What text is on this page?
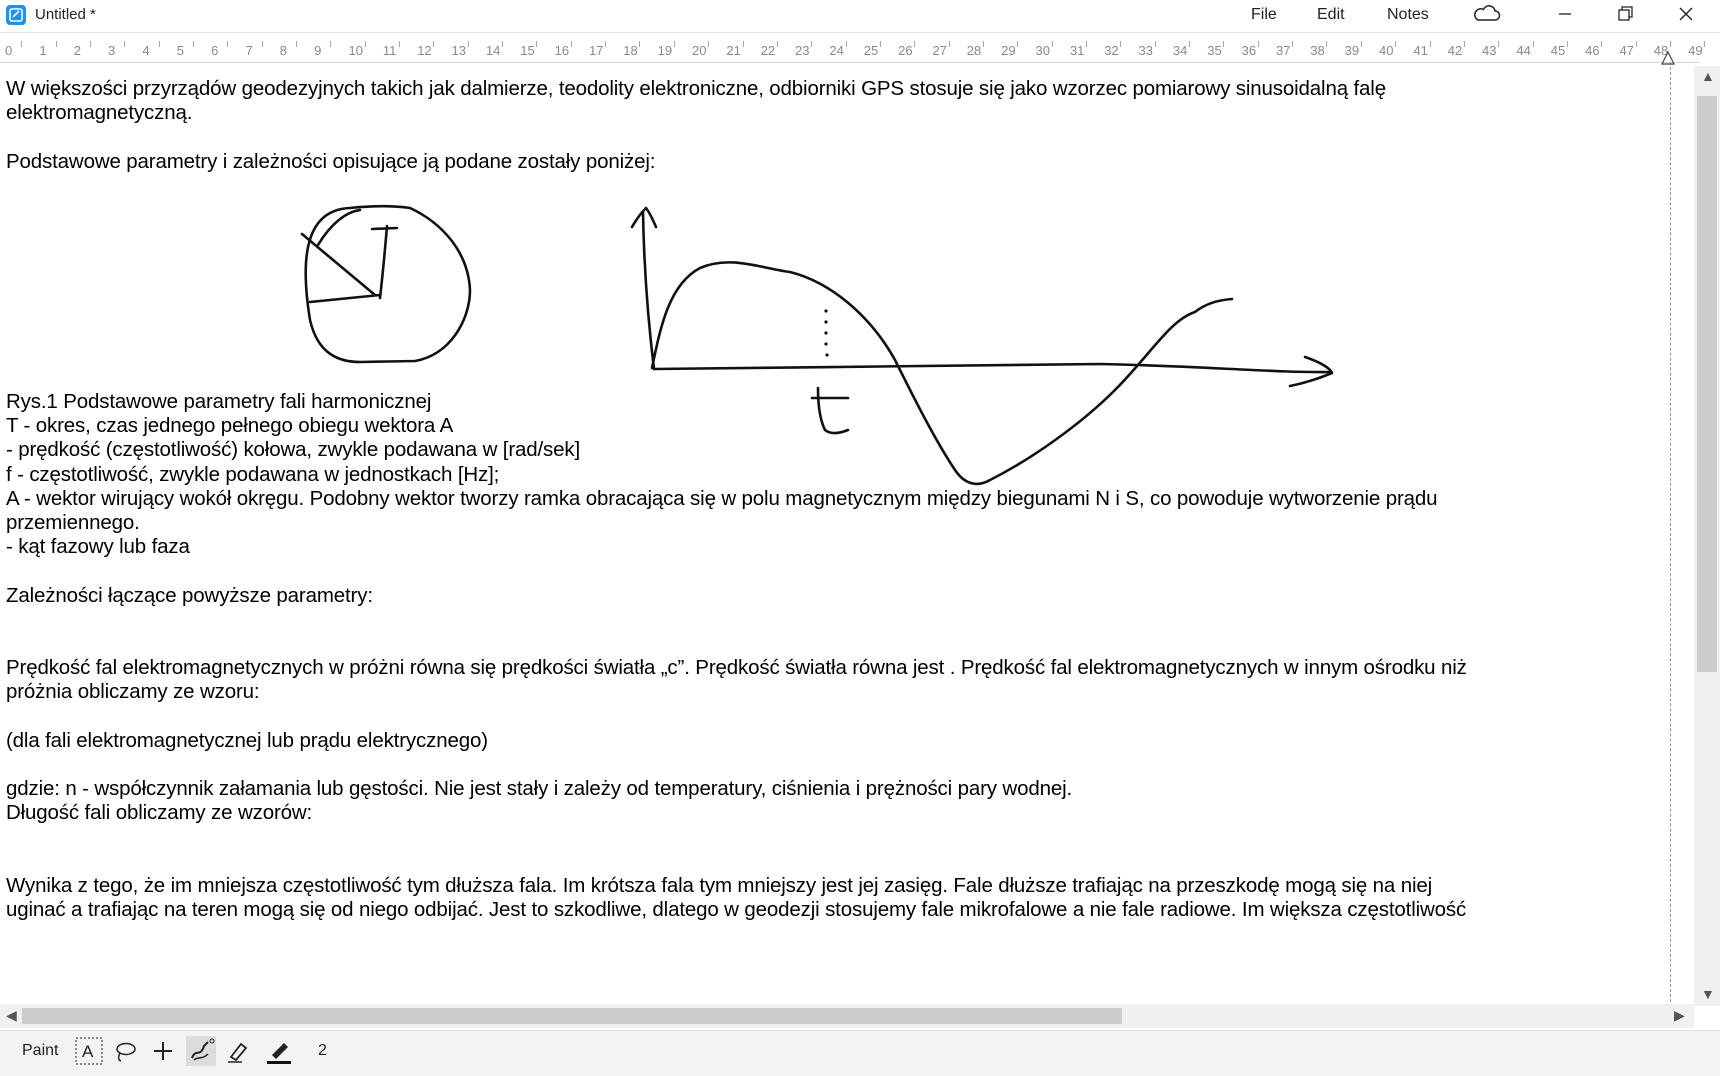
Untitled *	File	Edit	Notes
0 1 2 3 4 5 6 7 8 9 10 11 12 13 14 15 16 17 18 19 20 21 22 23 24 25 26 27 28 29 30 31 32 33 34 35 36 37 38 39 40 41 42 43 44 45 46 47 48 49
W większości przyrządów geodezyjnych takich jak dalmierze, teodolity elektroniczne, odbiorniki GPS stosuje się jako wzorzec pomiarowy sinusoidalną falę
elektromagnetyczną.
Podstawowe parametry i zależności opisujące ją podane zostały poniżej:
Rys.1 Podstawowe parametry fali harmonicznej
T - okres, czas jednego pełnego obiegu wektora A
- prędkość (częstotliwość) kołowa, zwykle podawana w [rad/sek]
f - częstotliwość, zwykle podawana w jednostkach [Hz];
A - wektor wirujący wokół okręgu. Podobny wektor tworzy ramka obracająca się w polu magnetycznym między biegunami N i S, co powoduje wytworzenie prądu
przemiennego.
- kąt fazowy lub faza
Zależności łączące powyższe parametry:
Prędkość fal elektromagnetycznych w próżni równa się prędkości światła „c”. Prędkość światła równa jest . Prędkość fal elektromagnetycznych w innym ośrodku niż
próżnia obliczamy ze wzoru:
(dla fali elektromagnetycznej lub prądu elektrycznego)
gdzie: n - współczynnik załamania lub gęstości. Nie jest stały i zależy od temperatury, ciśnienia i prężności pary wodnej.
Długość fali obliczamy ze wzorów:
Wynika z tego, że im mniejsza częstotliwość tym dłuższa fala. Im krótsza fala tym mniejszy jest jej zasięg. Fale dłuższe trafiając na przeszkodę mogą się na niej
uginać a trafiając na teren mogą się od niego odbijać. Jest to szkodliwe, dlatego w geodezji stosujemy fale mikrofalowe a nie fale radiowe. Im większa częstotliwość
▲
▼
◀	▶
Paint A	2
